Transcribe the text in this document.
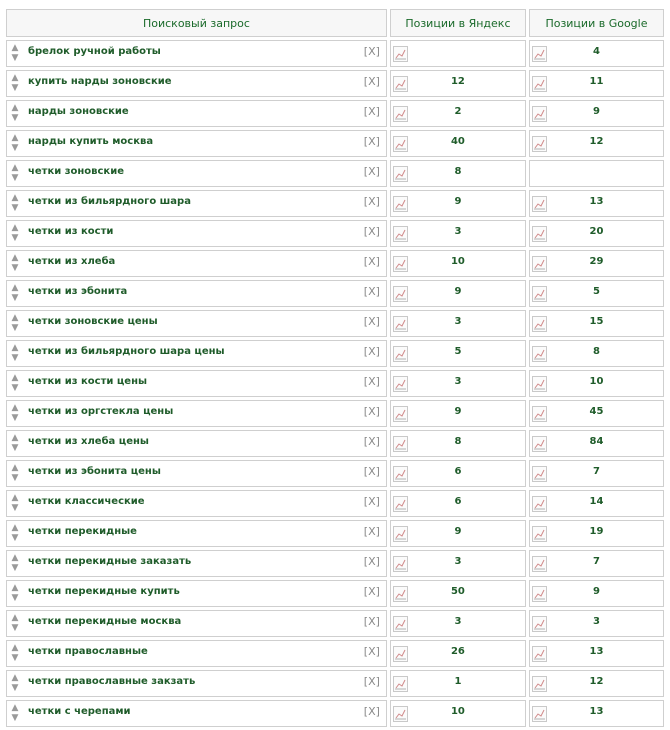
Поисковый запрос	Позиции в Яндекс	Позиции в Google

▲
▼
брелок ручной работы [X]		4

▲
▼
купить нарды зоновские [X]	12	11

▲
▼
нарды зоновские [X]	2	9

▲
▼
нарды купить москва [X]	40	12

▲
▼
четки зоновские [X]	8	

▲
▼
четки из бильярдного шара [X]	9	13

▲
▼
четки из кости [X]	3	20

▲
▼
четки из хлеба [X]	10	29

▲
▼
четки из эбонита [X]	9	5

▲
▼
четки зоновские цены [X]	3	15

▲
▼
четки из бильярдного шара цены [X]	5	8

▲
▼
четки из кости цены [X]	3	10

▲
▼
четки из оргстекла цены [X]	9	45

▲
▼
четки из хлеба цены [X]	8	84

▲
▼
четки из эбонита цены [X]	6	7

▲
▼
четки классические [X]	6	14

▲
▼
четки перекидные [X]	9	19

▲
▼
четки перекидные заказать [X]	3	7

▲
▼
четки перекидные купить [X]	50	9

▲
▼
четки перекидные москва [X]	3	3

▲
▼
четки православные [X]	26	13

▲
▼
четки православные закзать [X]	1	12

▲
▼
четки с черепами [X]	10	13
